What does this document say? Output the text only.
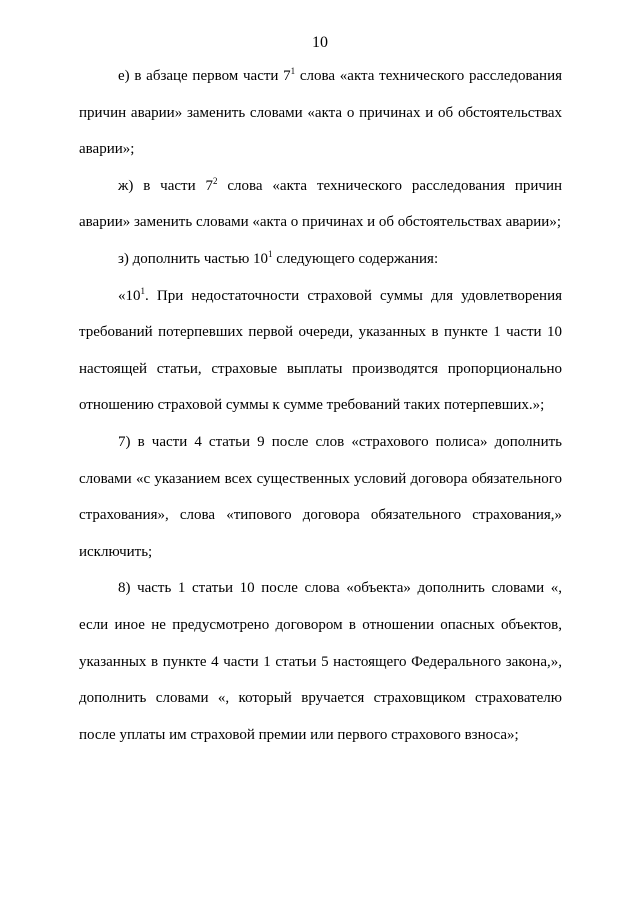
10

е) в абзаце первом части $7^1$ слова «акта технического расследования причин аварии» заменить словами «акта о причинах и об обстоятельствах аварии»;

ж) в части $7^2$ слова «акта технического расследования причин аварии» заменить словами «акта о причинах и об обстоятельствах аварии»;

з) дополнить частью $10^1$ следующего содержания:

«$10^1$. При недостаточности страховой суммы для удовлетворения требований потерпевших первой очереди, указанных в пункте 1 части 10 настоящей статьи, страховые выплаты производятся пропорционально отношению страховой суммы к сумме требований таких потерпевших.»;

7) в части 4 статьи 9 после слов «страхового полиса» дополнить словами «с указанием всех существенных условий договора обязательного страхования», слова «типового договора обязательного страхования,» исключить;

8) часть 1 статьи 10 после слова «объекта» дополнить словами «, если иное не предусмотрено договором в отношении опасных объектов, указанных в пункте 4 части 1 статьи 5 настоящего Федерального закона,», дополнить словами «, который вручается страховщиком страхователю после уплаты им страховой премии или первого страхового взноса»;
